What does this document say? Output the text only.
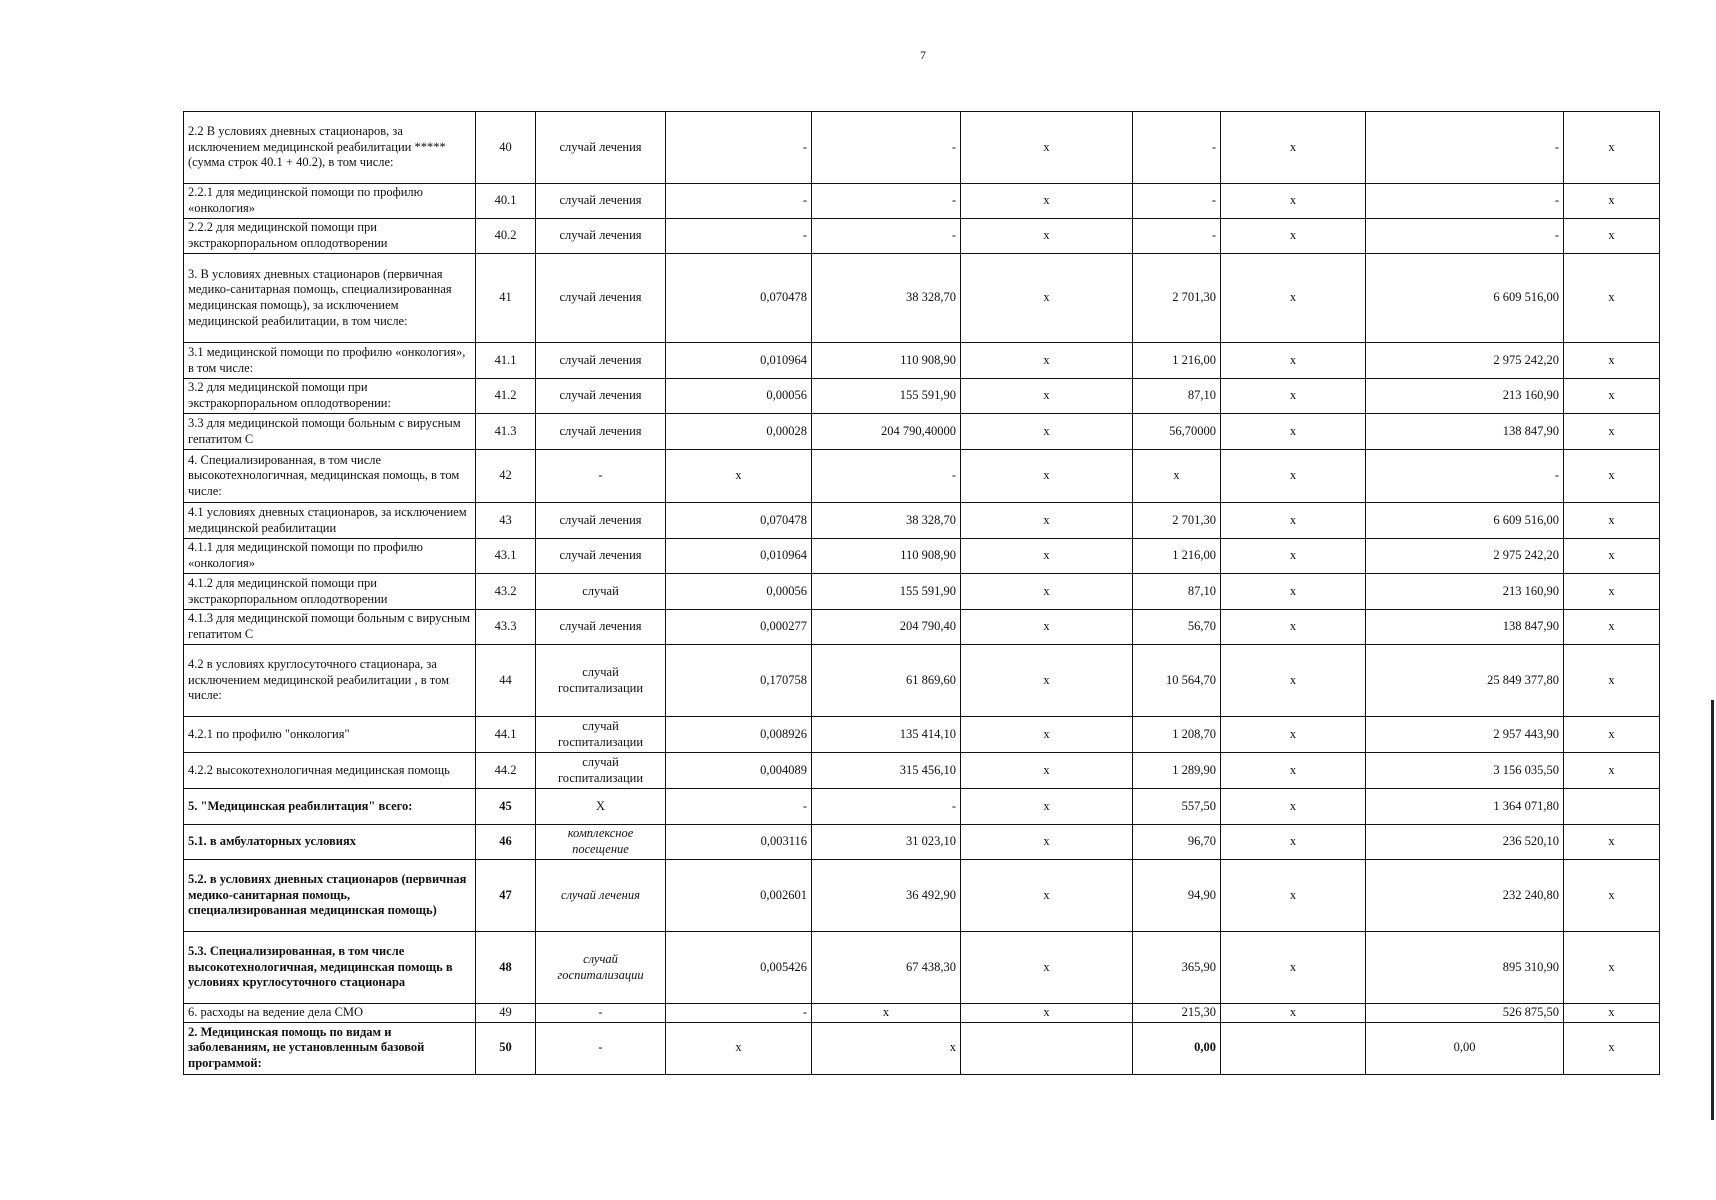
7
2.2 В условиях дневных стационаров, за исключением медицинской реабилитации ***** (сумма строк 40.1 + 40.2), в том числе:	40	случай лечения	-	-	x	-	x	-	x
2.2.1 для медицинской помощи по профилю «онкология»	40.1	случай лечения	-	-	x	-	x	-	x
2.2.2 для медицинской помощи при экстракорпоральном оплодотворении	40.2	случай лечения	-	-	x	-	x	-	x
3. В условиях дневных стационаров (первичная медико-санитарная помощь, специализированная медицинская помощь), за исключением медицинской реабилитации, в том числе:	41	случай лечения	0,070478	38 328,70	x	2 701,30	x	6 609 516,00	x
3.1 медицинской помощи по профилю «онкология», в том числе:	41.1	случай лечения	0,010964	110 908,90	x	1 216,00	x	2 975 242,20	x
3.2 для медицинской помощи при экстракорпоральном оплодотворении:	41.2	случай лечения	0,00056	155 591,90	x	87,10	x	213 160,90	x
3.3 для медицинской помощи больным с вирусным гепатитом С	41.3	случай лечения	0,00028	204 790,40000	x	56,70000	x	138 847,90	x
4. Специализированная, в том числе высокотехнологичная, медицинская помощь, в том числе:	42	-	x	-	x	x	x	-	x
4.1 условиях дневных стационаров, за исключением медицинской реабилитации	43	случай лечения	0,070478	38 328,70	x	2 701,30	x	6 609 516,00	x
4.1.1 для медицинской помощи по профилю «онкология»	43.1	случай лечения	0,010964	110 908,90	x	1 216,00	x	2 975 242,20	x
4.1.2 для медицинской помощи при экстракорпоральном оплодотворении	43.2	случай	0,00056	155 591,90	x	87,10	x	213 160,90	x
4.1.3 для медицинской помощи больным с вирусным гепатитом С	43.3	случай лечения	0,000277	204 790,40	x	56,70	x	138 847,90	x
4.2 в условиях круглосуточного стационара, за исключением медицинской реабилитации , в том числе:	44	случай госпитализации	0,170758	61 869,60	x	10 564,70	x	25 849 377,80	x
4.2.1 по профилю "онкология"	44.1	случай госпитализации	0,008926	135 414,10	x	1 208,70	x	2 957 443,90	x
4.2.2 высокотехнологичная медицинская помощь	44.2	случай госпитализации	0,004089	315 456,10	x	1 289,90	x	3 156 035,50	x
5. "Медицинская реабилитация" всего:	45	X	-	-	x	557,50	x	1 364 071,80	
5.1. в амбулаторных условиях	46	комплексное посещение	0,003116	31 023,10	x	96,70	x	236 520,10	x
5.2. в условиях дневных стационаров (первичная медико-санитарная помощь, специализированная медицинская помощь)	47	случай лечения	0,002601	36 492,90	x	94,90	x	232 240,80	x
5.3. Специализированная, в том числе высокотехнологичная, медицинская помощь в условиях круглосуточного стационара	48	случай госпитализации	0,005426	67 438,30	x	365,90	x	895 310,90	x
6. расходы на ведение дела СМО	49	-	-	x	x	215,30	x	526 875,50	x
2. Медицинская помощь по видам и заболеваниям, не установленным базовой программой:	50	-	x	x		0,00		0,00	x
